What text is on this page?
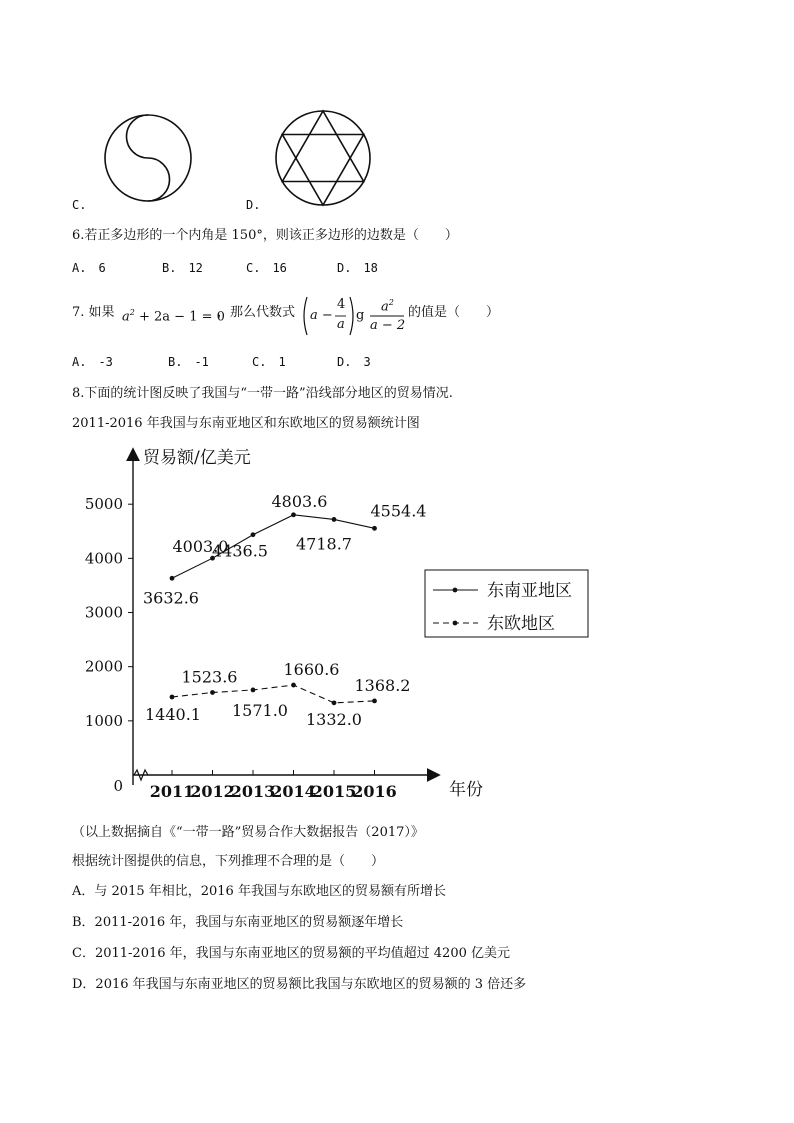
C.	D.
6.若正多边形的一个内角是 150°，则该正多边形的边数是（　　）
A.　6	B.　12	C.　16	D.　18
7. 如果 $a^2 + 2a - 1 = 0$
，那么代数式 a −
4
a
g
$a^2$
a − 2
的值是（　　）
A.　-3	B.　-1	C.　1	D.　3
8.下面的统计图反映了我国与“一带一路”沿线部分地区的贸易情况.
2011-2016 年我国与东南亚地区和东欧地区的贸易额统计图
0
1000
2000
3000
4000
5000
2011
2012
2013
2014
2015
2016
贸易额/亿美元
年份
3632.6
4003.0
4436.5
4803.6
4718.7
4554.4
1440.1
1523.6
1571.0
1660.6
1332.0
1368.2
东南亚地区
东欧地区
（以上数据摘自《“一带一路”贸易合作大数据报告（2017）》
根据统计图提供的信息，下列推理不合理的是（　　）
A．与 2015 年相比，2016 年我国与东欧地区的贸易额有所增长
B．2011-2016 年，我国与东南亚地区的贸易额逐年增长
C．2011-2016 年，我国与东南亚地区的贸易额的平均值超过 4200 亿美元
D．2016 年我国与东南亚地区的贸易额比我国与东欧地区的贸易额的 3 倍还多
